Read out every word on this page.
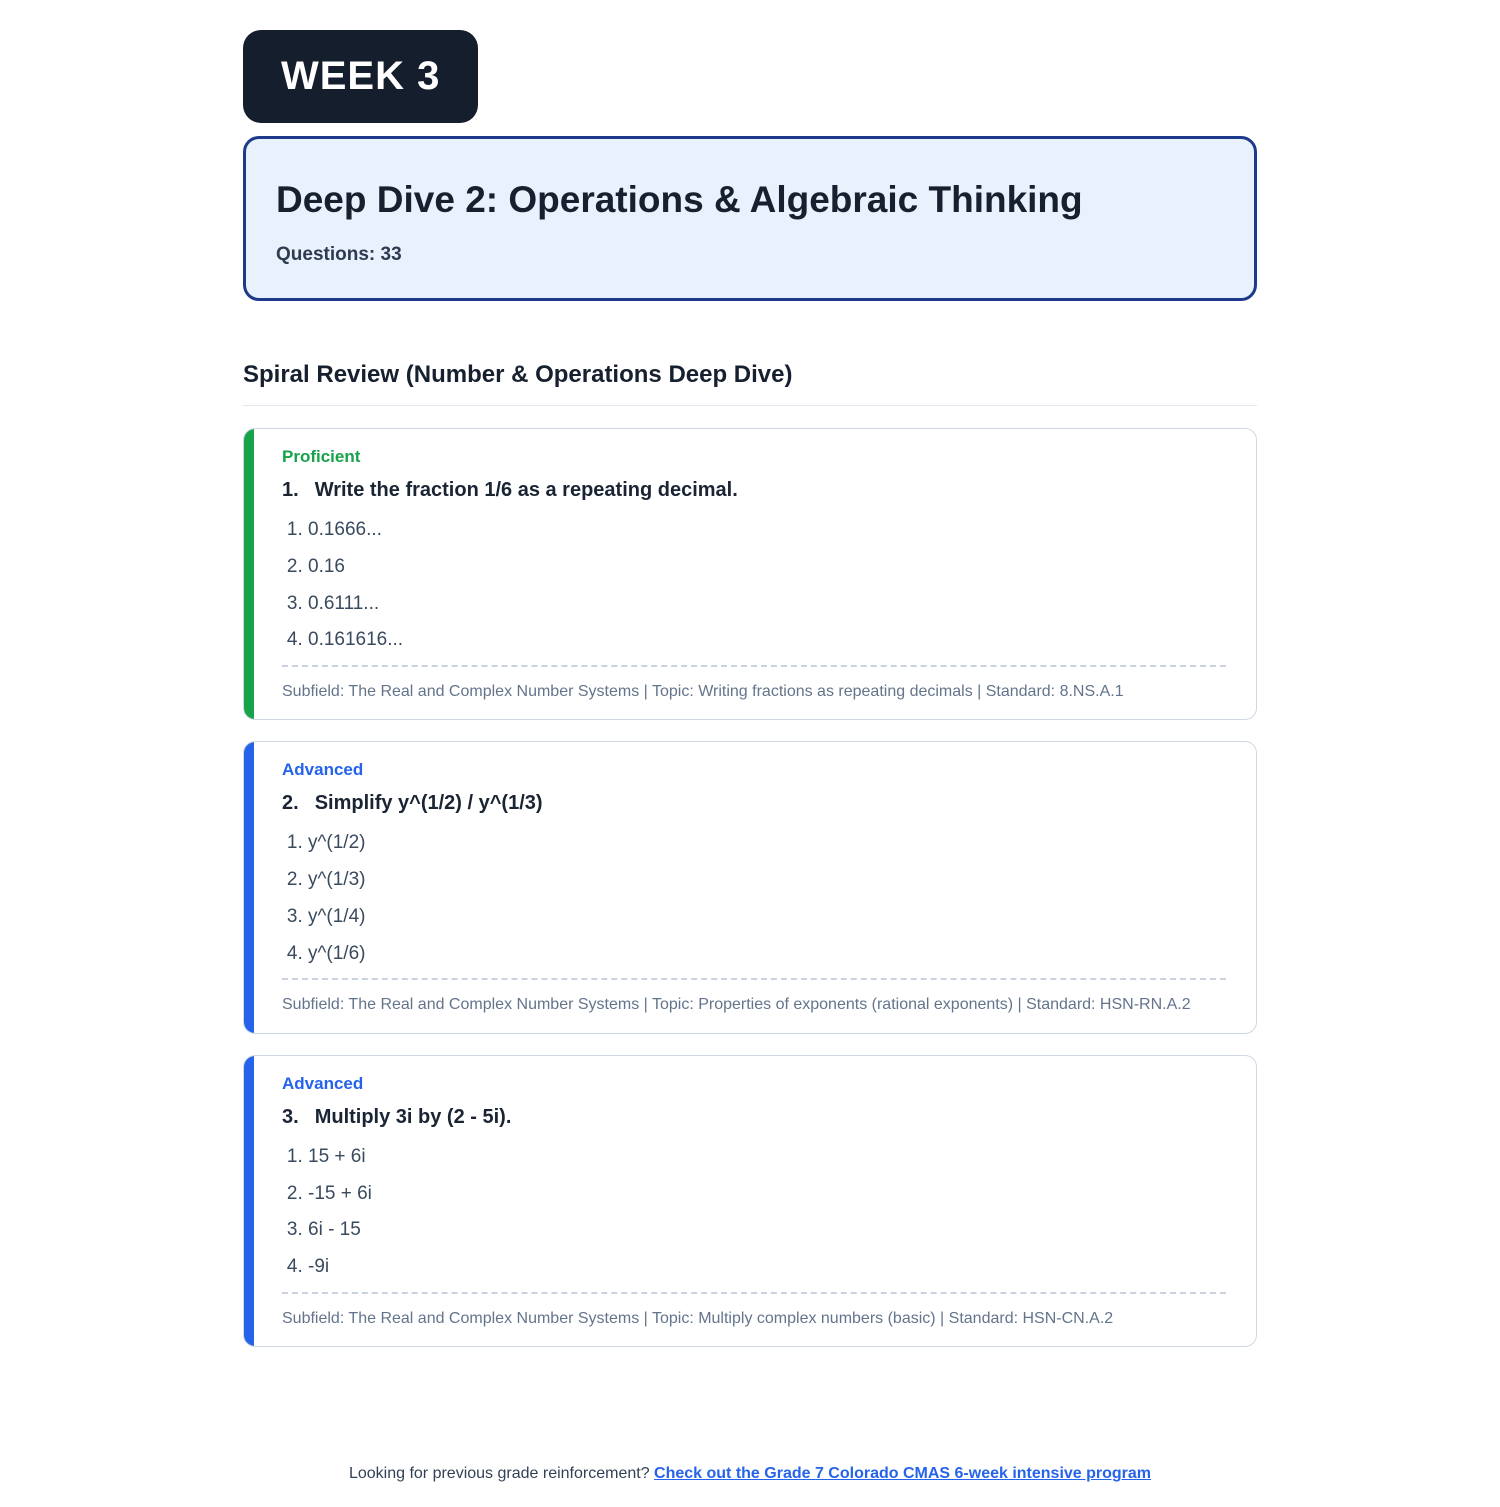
WEEK 3
Deep Dive 2: Operations & Algebraic Thinking
Questions: 33
Spiral Review (Number & Operations Deep Dive)
Proficient
1. Write the fraction 1/6 as a repeating decimal.
1. 0.1666...
2. 0.16
3. 0.6111...
4. 0.161616...
Subfield: The Real and Complex Number Systems | Topic: Writing fractions as repeating decimals | Standard: 8.NS.A.1
Advanced
2. Simplify y^(1/2) / y^(1/3)
1. y^(1/2)
2. y^(1/3)
3. y^(1/4)
4. y^(1/6)
Subfield: The Real and Complex Number Systems | Topic: Properties of exponents (rational exponents) | Standard: HSN-RN.A.2
Advanced
3. Multiply 3i by (2 - 5i).
1. 15 + 6i
2. -15 + 6i
3. 6i - 15
4. -9i
Subfield: The Real and Complex Number Systems | Topic: Multiply complex numbers (basic) | Standard: HSN-CN.A.2
Looking for previous grade reinforcement? Check out the Grade 7 Colorado CMAS 6-week intensive program
